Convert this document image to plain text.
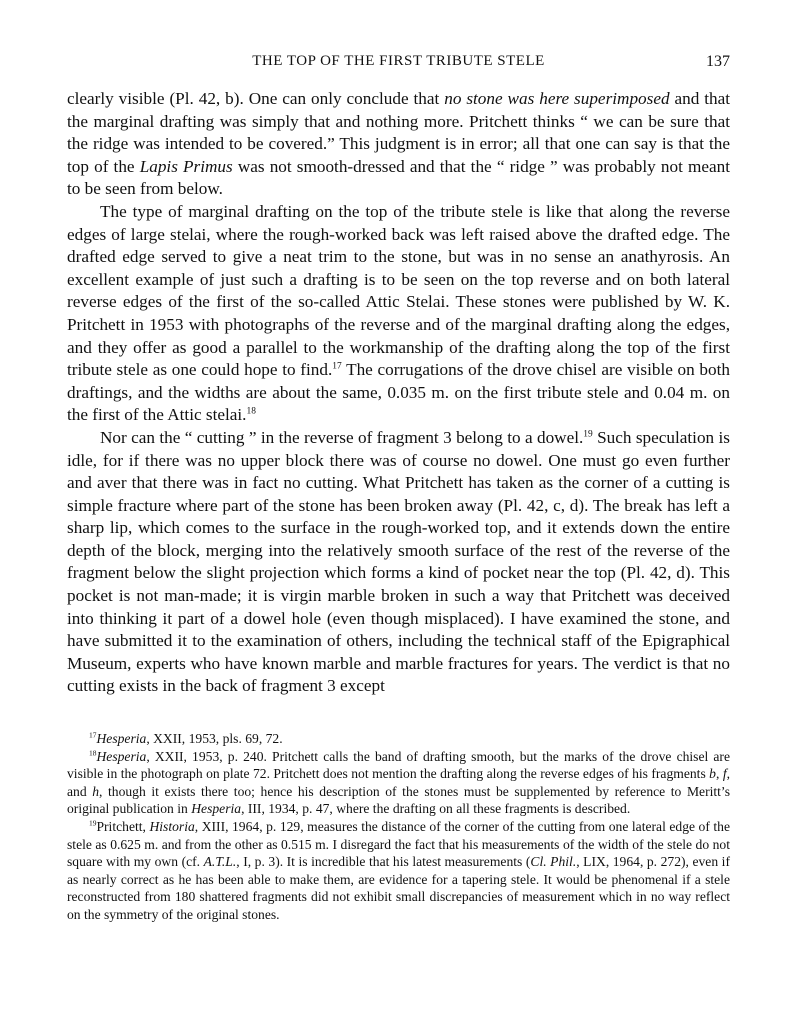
THE TOP OF THE FIRST TRIBUTE STELE	137

clearly visible (Pl. 42, b). One can only conclude that no stone was here superimposed and that the marginal drafting was simply that and nothing more. Pritchett thinks “ we can be sure that the ridge was intended to be covered.” This judgment is in error; all that one can say is that the top of the Lapis Primus was not smooth-dressed and that the “ ridge ” was probably not meant to be seen from below.

The type of marginal drafting on the top of the tribute stele is like that along the reverse edges of large stelai, where the rough-worked back was left raised above the drafted edge. The drafted edge served to give a neat trim to the stone, but was in no sense an anathyrosis. An excellent example of just such a drafting is to be seen on the top reverse and on both lateral reverse edges of the first of the so-called Attic Stelai. These stones were published by W. K. Pritchett in 1953 with photographs of the reverse and of the marginal drafting along the edges, and they offer as good a parallel to the workmanship of the drafting along the top of the first tribute stele as one could hope to find.$^{17}$ The corrugations of the drove chisel are visible on both draftings, and the widths are about the same, 0.035 m. on the first tribute stele and 0.04 m. on the first of the Attic stelai.$^{18}$

Nor can the “ cutting ” in the reverse of fragment 3 belong to a dowel.$^{19}$ Such speculation is idle, for if there was no upper block there was of course no dowel. One must go even further and aver that there was in fact no cutting. What Pritchett has taken as the corner of a cutting is simple fracture where part of the stone has been broken away (Pl. 42, c, d). The break has left a sharp lip, which comes to the surface in the rough-worked top, and it extends down the entire depth of the block, merging into the relatively smooth surface of the rest of the reverse of the fragment below the slight projection which forms a kind of pocket near the top (Pl. 42, d). This pocket is not man-made; it is virgin marble broken in such a way that Pritchett was deceived into thinking it part of a dowel hole (even though misplaced). I have examined the stone, and have submitted it to the examination of others, including the technical staff of the Epigraphical Museum, experts who have known marble and marble fractures for years. The verdict is that no cutting exists in the back of fragment 3 except

$^{17}$Hesperia, XXII, 1953, pls. 69, 72.

$^{18}$Hesperia, XXII, 1953, p. 240. Pritchett calls the band of drafting smooth, but the marks of the drove chisel are visible in the photograph on plate 72. Pritchett does not mention the drafting along the reverse edges of his fragments b, f, and h, though it exists there too; hence his description of the stones must be supplemented by reference to Meritt’s original publication in Hesperia, III, 1934, p. 47, where the drafting on all these fragments is described.

$^{19}$Pritchett, Historia, XIII, 1964, p. 129, measures the distance of the corner of the cutting from one lateral edge of the stele as 0.625 m. and from the other as 0.515 m. I disregard the fact that his measurements of the width of the stele do not square with my own (cf. A.T.L., I, p. 3). It is incredible that his latest measurements (Cl. Phil., LIX, 1964, p. 272), even if as nearly correct as he has been able to make them, are evidence for a tapering stele. It would be phenomenal if a stele reconstructed from 180 shattered fragments did not exhibit small discrepancies of measurement which in no way reflect on the symmetry of the original stones.
